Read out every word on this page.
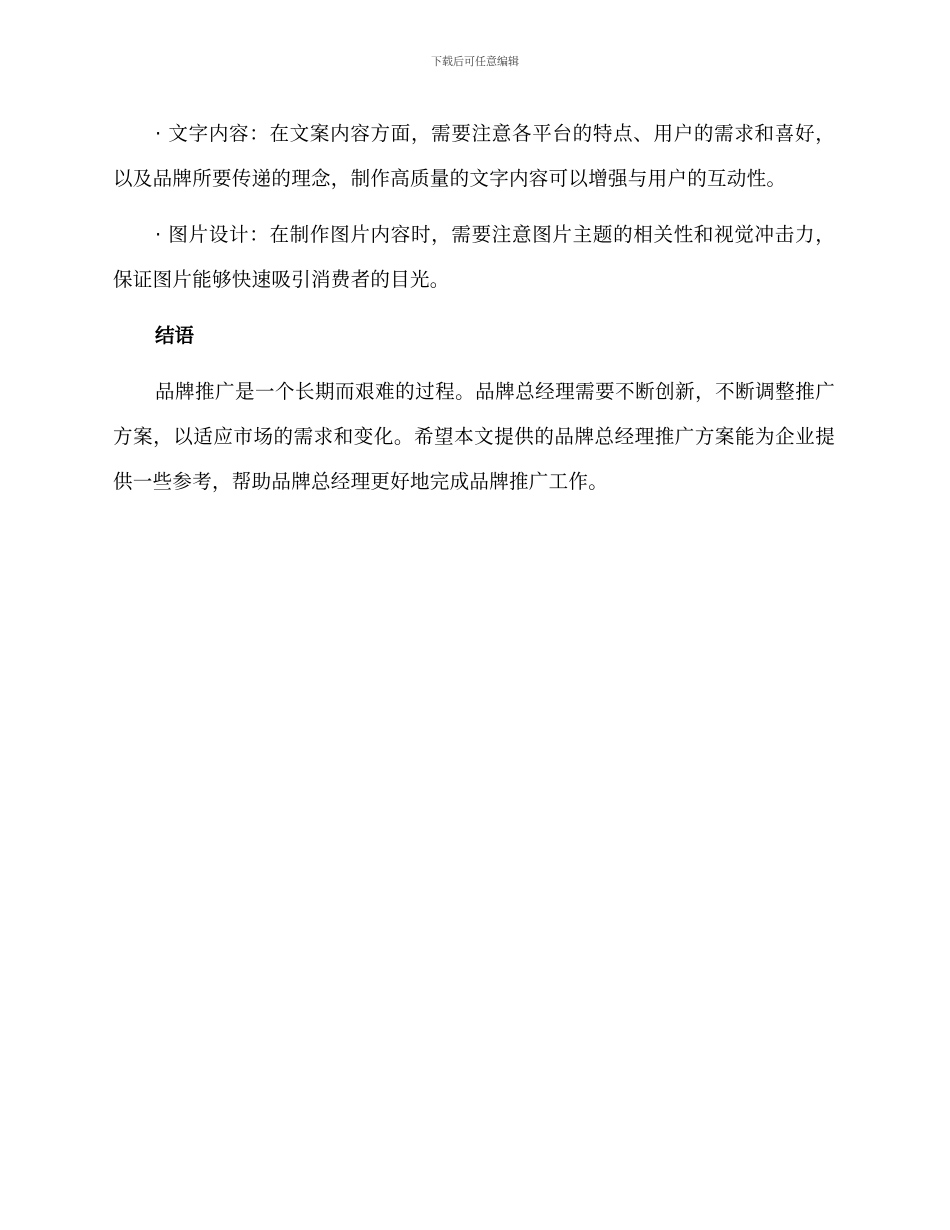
下载后可任意编辑

· 文字内容：在文案内容方面，需要注意各平台的特点、用户的需求和喜好，以及品牌所要传递的理念，制作高质量的文字内容可以增强与用户的互动性。

· 图片设计：在制作图片内容时，需要注意图片主题的相关性和视觉冲击力，保证图片能够快速吸引消费者的目光。

结语

品牌推广是一个长期而艰难的过程。品牌总经理需要不断创新，不断调整推广方案，以适应市场的需求和变化。希望本文提供的品牌总经理推广方案能为企业提供一些参考，帮助品牌总经理更好地完成品牌推广工作。
